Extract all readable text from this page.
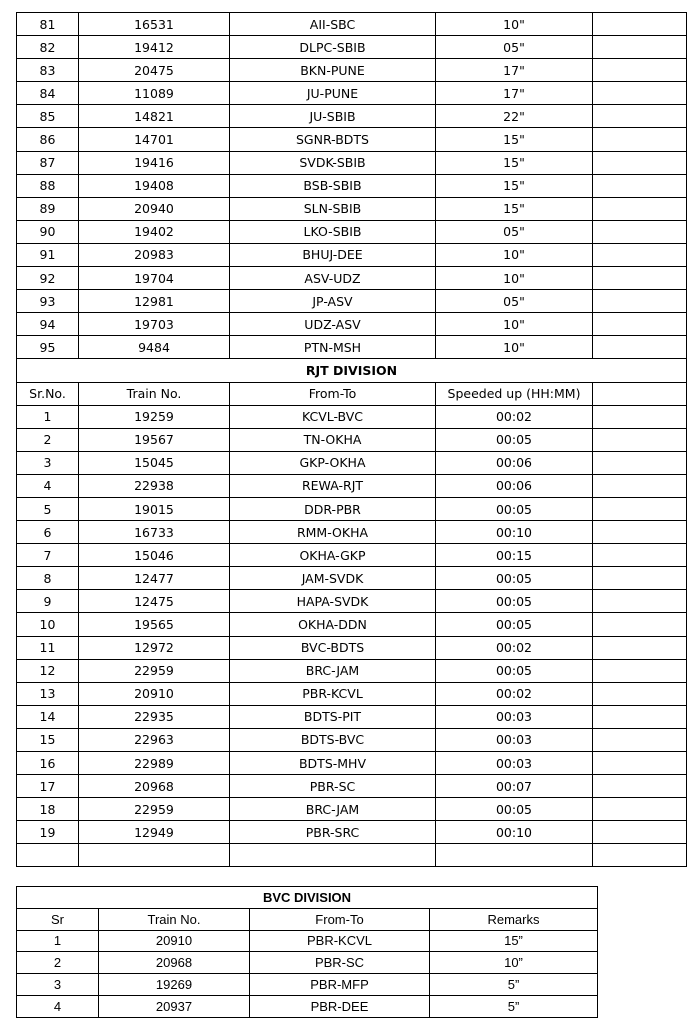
81	16531	AII-SBC	10"	
82	19412	DLPC-SBIB	05"	
83	20475	BKN-PUNE	17"	
84	11089	JU-PUNE	17"	
85	14821	JU-SBIB	22"	
86	14701	SGNR-BDTS	15"	
87	19416	SVDK-SBIB	15"	
88	19408	BSB-SBIB	15"	
89	20940	SLN-SBIB	15"	
90	19402	LKO-SBIB	05"	
91	20983	BHUJ-DEE	10"	
92	19704	ASV-UDZ	10"	
93	12981	JP-ASV	05"	
94	19703	UDZ-ASV	10"	
95	9484	PTN-MSH	10"	
RJT DIVISION				
Sr.No.	Train No.	From-To	Speeded up (HH:MM)	
1	19259	KCVL-BVC	00:02	
2	19567	TN-OKHA	00:05	
3	15045	GKP-OKHA	00:06	
4	22938	REWA-RJT	00:06	
5	19015	DDR-PBR	00:05	
6	16733	RMM-OKHA	00:10	
7	15046	OKHA-GKP	00:15	
8	12477	JAM-SVDK	00:05	
9	12475	HAPA-SVDK	00:05	
10	19565	OKHA-DDN	00:05	
11	12972	BVC-BDTS	00:02	
12	22959	BRC-JAM	00:05	
13	20910	PBR-KCVL	00:02	
14	22935	BDTS-PIT	00:03	
15	22963	BDTS-BVC	00:03	
16	22989	BDTS-MHV	00:03	
17	20968	PBR-SC	00:07	
18	22959	BRC-JAM	00:05	
19	12949	PBR-SRC	00:10	

BVC DIVISION			
Sr	Train No.	From-To	Remarks
1	20910	PBR-KCVL	15”
2	20968	PBR-SC	10”
3	19269	PBR-MFP	5”
4	20937	PBR-DEE	5”
